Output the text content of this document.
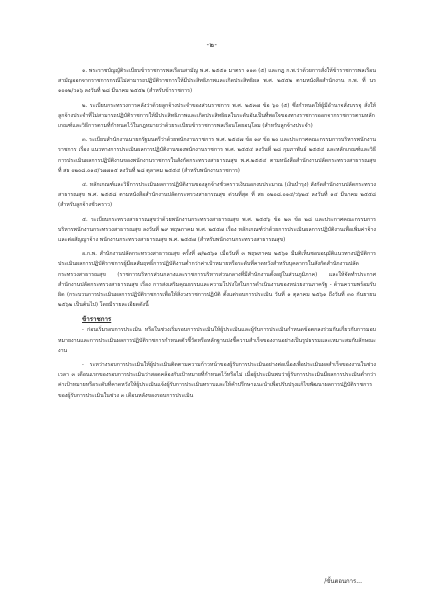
-๒-

๑. พระราชบัญญัติระเบียบข้าราชการพลเรือนสามัญ พ.ศ. ๒๕๕๑ มาตรา ๑๑๓ (๕) และกฎ ก.พ.ว่าด้วยการสั่งให้ข้าราชการพลเรือนสามัญออกจากราชการกรณีไม่สามารถปฏิบัติราชการให้มีประสิทธิภาพและเกิดประสิทธิผล พ.ศ. ๒๕๕๒ ตามหนังสือสำนักงาน ก.พ. ที่ นร ๑๐๑๒/ว๑๖ ลงวันที่ ๒๘ มีนาคม ๒๕๕๒ (สำหรับข้าราชการ)

๒. ระเบียบกระทรวงการคลังว่าด้วยลูกจ้างประจำของส่วนราชการ พ.ศ. ๒๕๓๗ ข้อ ๖๐ (๕) ซึ่งกำหนดให้ผู้มีอำนาจสั่งบรรจุ สั่งให้ลูกจ้างประจำที่ไม่สามารถปฏิบัติราชการให้มีประสิทธิภาพและเกิดประสิทธิผลในระดับอันเป็นที่พอใจของทางราชการออกจากราชการตามหลักเกณฑ์และวิธีการตามที่กำหนดไว้ในกฎหมายว่าด้วยระเบียบข้าราชการพลเรือนโดยอนุโลม (สำหรับลูกจ้างประจำ)

๓. ระเบียบสำนักงานนายกรัฐมนตรีว่าด้วยพนักงานราชการ พ.ศ. ๒๕๔๗ ข้อ ๑๙ ข้อ ๒๐ และประกาศคณะกรรมการบริหารพนักงานราชการ เรื่อง แนวทางการประเมินผลการปฏิบัติงานของพนักงานราชการ พ.ศ. ๒๕๕๔ ลงวันที่ ๒๘ กุมภาพันธ์ ๒๕๕๔ และหลักเกณฑ์และวิธีการประเมินผลการปฏิบัติงานของพนักงานราชการในสังกัดกระทรวงสาธารณสุข พ.ศ.๒๕๕๔ ตามหนังสือสำนักงานปลัดกระทรวงสาธารณสุข ที่ สธ ๐๒๐๘.๐๑๔/ว๗๗๑๕ ลงวันที่ ๒๘ ตุลาคม ๒๕๕๔ (สำหรับพนักงานราชการ)

๔. หลักเกณฑ์และวิธีการประเมินผลการปฏิบัติงานของลูกจ้างชั่วคราวเงินนอกงบประมาณ (เงินบำรุง) สังกัดสำนักงานปลัดกระทรวงสาธารณสุข พ.ศ. ๒๕๕๘ ตามหนังสือสำนักงานปลัดกระทรวงสาธารณสุข ด่วนที่สุด ที่ สธ ๐๒๐๘.๐๑๔/ว๖๒๔ ลงวันที่ ๑๔ มีนาคม ๒๕๕๘ (สำหรับลูกจ้างชั่วคราว)

๕. ระเบียบกระทรวงสาธารณสุขว่าด้วยพนักงานกระทรวงสาธารณสุข พ.ศ. ๒๕๕๖ ข้อ ๒๓ ข้อ ๒๘ และประกาศคณะกรรมการบริหารพนักงานกระทรวงสาธารณสุข ลงวันที่ ๒๙ พฤษภาคม พ.ศ. ๒๕๕๗ เรื่อง หลักเกณฑ์ว่าด้วยการประเมินผลการปฏิบัติงานเพื่อเพิ่มค่าจ้าง และต่อสัญญาจ้าง พนักงานกระทรวงสาธารณสุข พ.ศ. ๒๕๕๗ (สำหรับพนักงานกระทรวงสาธารณสุข)

อ.ก.พ. สำนักงานปลัดกระทรวงสาธารณสุข ครั้งที่ ๗/๒๕๖๑ เมื่อวันที่ ๓ พฤษภาคม ๒๕๖๑ มีมติเห็นชอบอนุมัติแนวทางปฏิบัติการประเมินผลการปฏิบัติราชการผู้มีผลสัมฤทธิ์การปฏิบัติงานต่ำกว่าค่าเป้าหมายหรือระดับที่คาดหวังสำหรับบุคลากรในสังกัดสำนักงานปลัดกระทรวงสาธารณสุข (ราชการบริหารส่วนกลางและราชการบริหารส่วนกลางที่มีสำนักงานตั้งอยู่ในส่วนภูมิภาค) และให้จัดทำประกาศสำนักงานปลัดกระทรวงสาธารณสุข เรื่อง การส่งเสริมคุณธรรมและความโปร่งใสในการดำเนินงานของหน่วยงานภาครัฐ - ด้านความพร้อมรับผิด (กระบวนการประเมินผลการปฏิบัติราชการเพื่อให้สิ่งวงราชการปฏิบัติ ตั้งแต่รอบการประเมิน วันที่ ๑ ตุลาคม ๒๕๖๑ ถึงวันที่ ๓๐ กันยายน ๒๕๖๒ เป็นต้นไป) โดยมีรายละเอียดดังนี้

ข้าราชการ

- ก่อนเริ่มรอบการประเมิน หรือในช่วงเริ่มรอบการประเมินให้ผู้ประเมินและผู้รับการประเมินกำหนดข้อตกลงร่วมกันเกี่ยวกับการมอบหมายงานและการประเมินผลการปฏิบัติราชการกำหนดตัวชี้วัดหรือหลักฐานบ่งชี้ความสำเร็จของงานอย่างเป็นรูปธรรมและเหมาะสมกับลักษณะงาน

- ระหว่างรอบการประเมินให้ผู้ประเมินติดตามความก้าวหน้าของผู้รับการประเมินอย่างต่อเนื่องเพื่อประเมินผลสำเร็จของงานในช่วงเวลา ๓ เดือนแรกของรอบการประเมินว่าสอดคล้องกับเป้าหมายที่กำหนดไว้หรือไม่ เมื่อผู้ประเมินพบว่าผู้รับการประเมินมีผลการประเมินต่ำกว่าค่าเป้าหมายหรือระดับที่คาดหวังให้ผู้ประเมินแจ้งผู้รับการประเมินทราบและให้คำปรึกษาแนะนำเพื่อปรับปรุงแก้ไขพัฒนาผลการปฏิบัติราชการของผู้รับการประเมินในช่วง ๓ เดือนหลังของรอบการประเมิน

/ขั้นตอนการ...
